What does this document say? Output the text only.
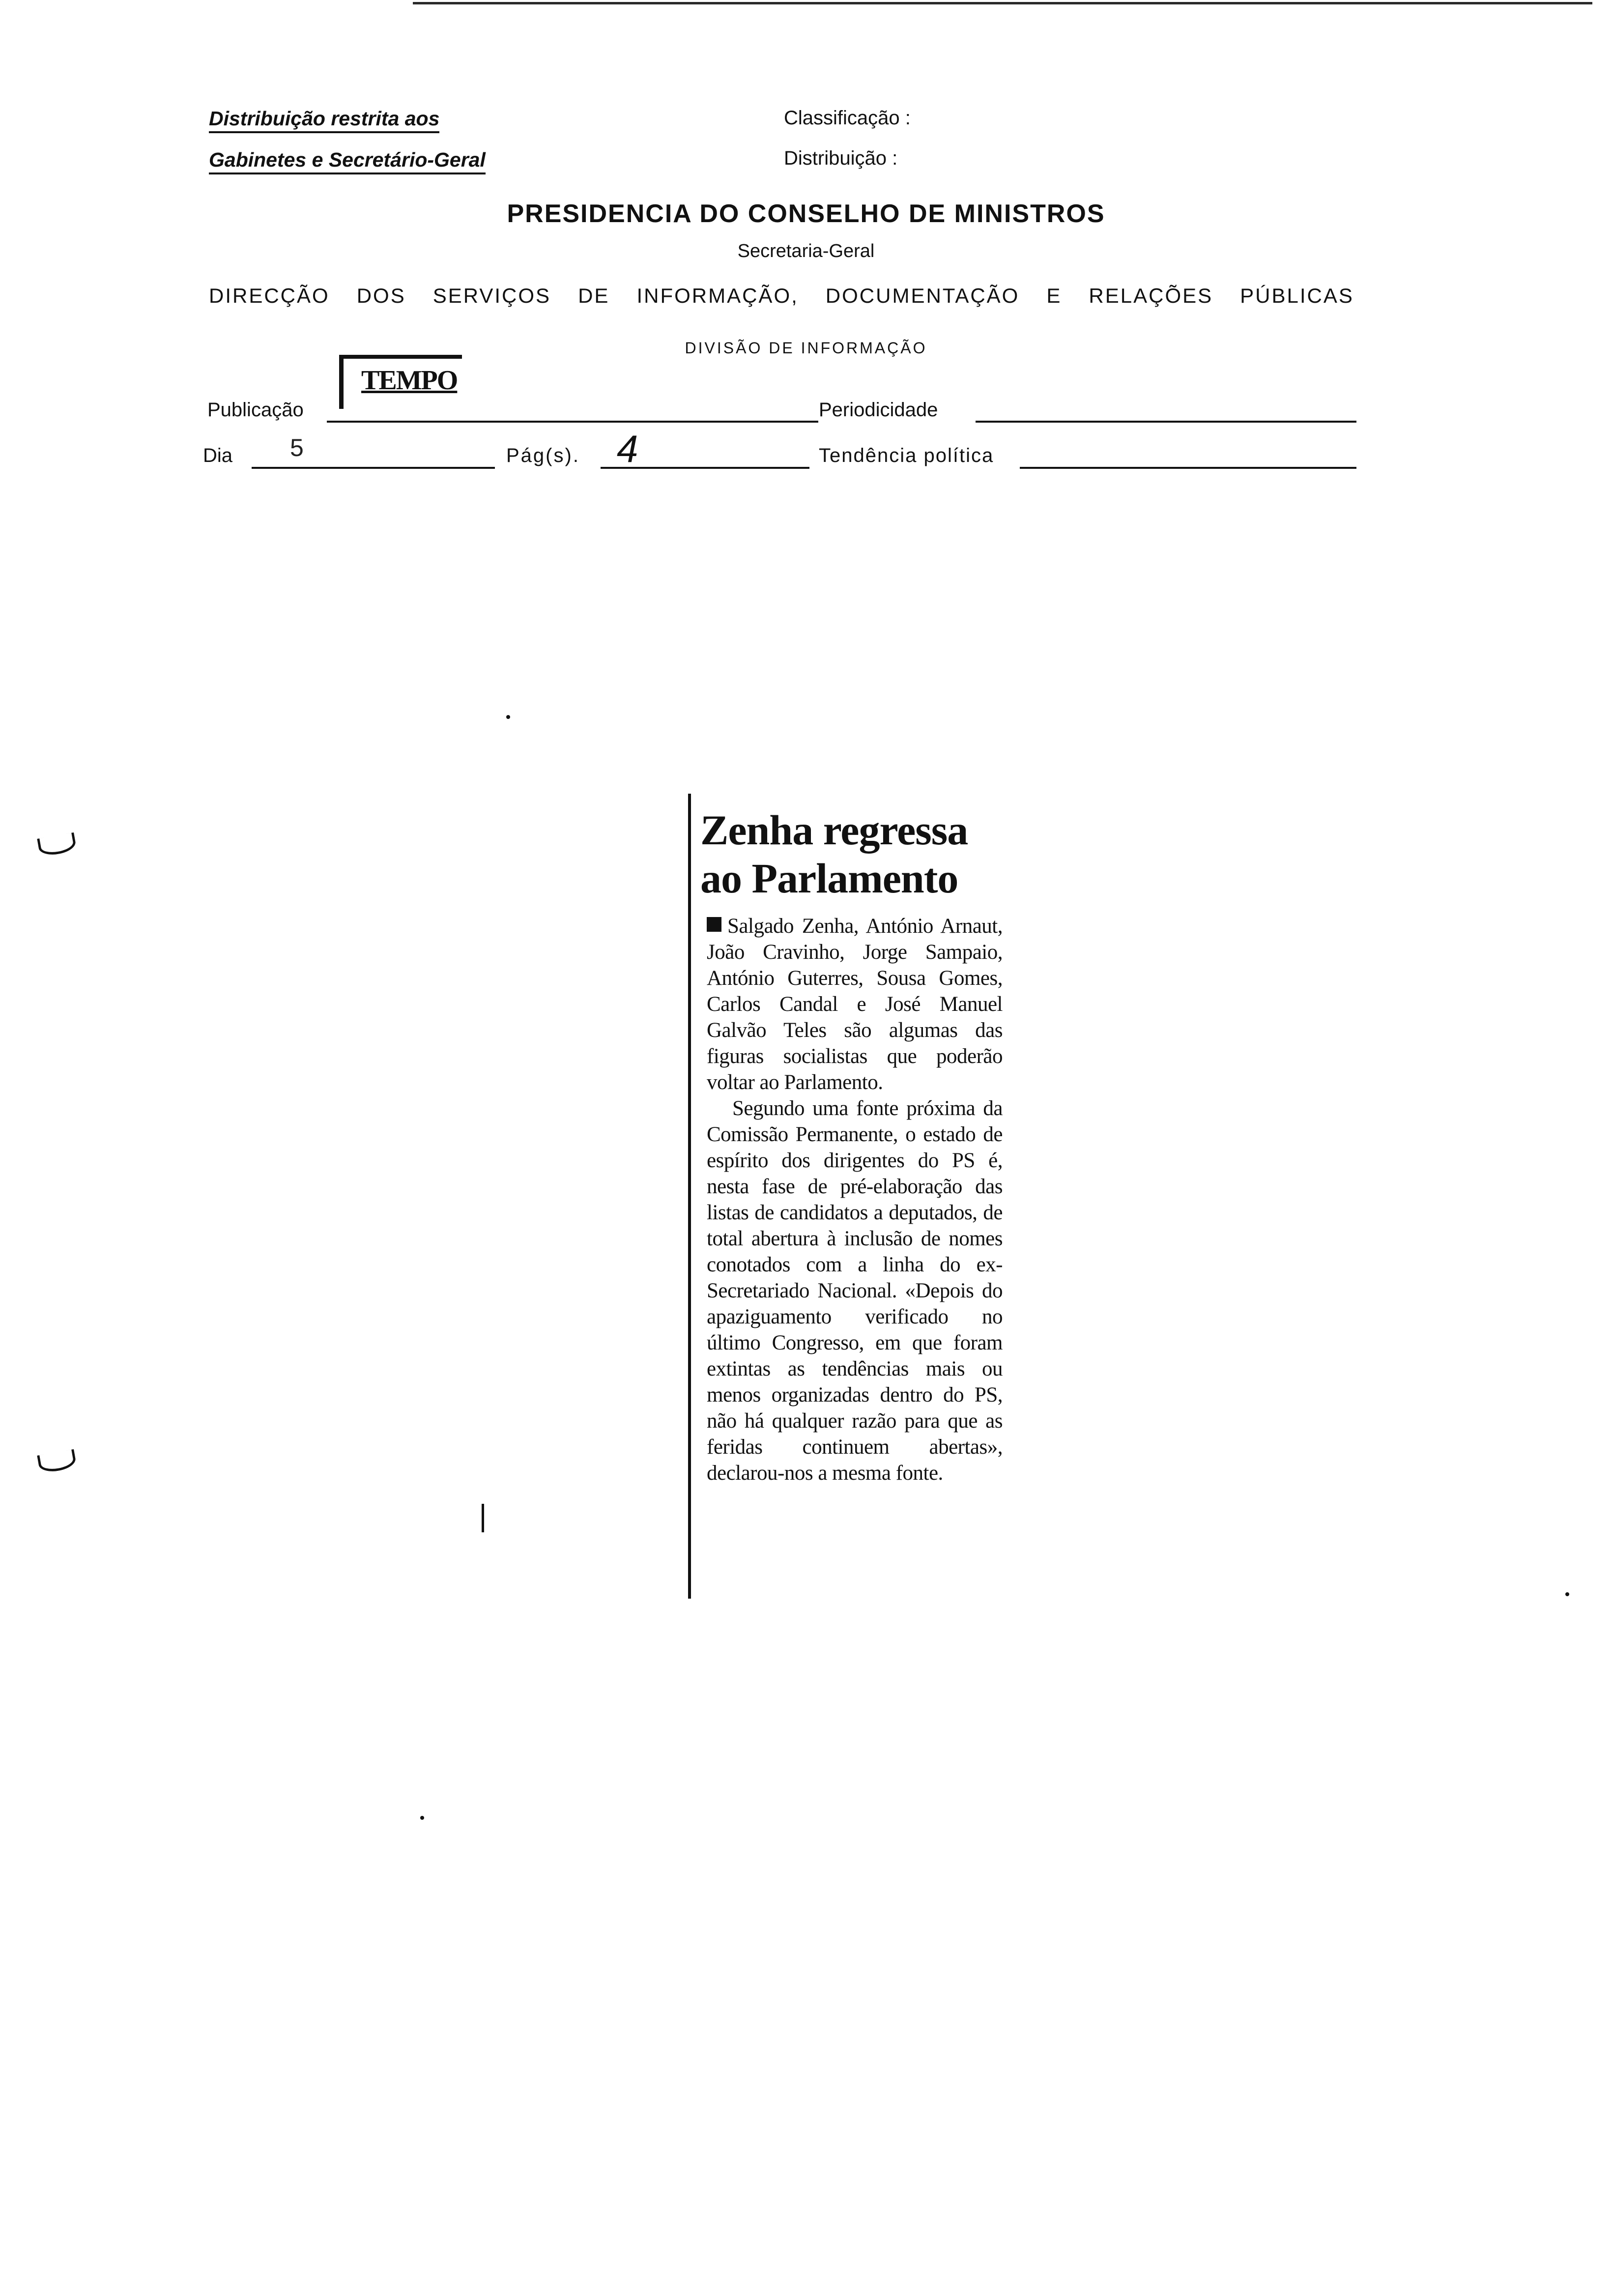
Distribuição restrita aos
Gabinetes e Secretário-Geral
Classificação :
Distribuição :
PRESIDENCIA DO CONSELHO DE MINISTROS
Secretaria-Geral
DIRECÇÃO DOS SERVIÇOS DE INFORMAÇÃO, DOCUMENTAÇÃO E RELAÇÕES PÚBLICAS
DIVISÃO DE INFORMAÇÃO
Publicação
TEMPO
Periodicidade
Dia 5	Pág(s). 4	Tendência política
Zenha regressa ao Parlamento

Salgado Zenha, António Arnaut, João Cravinho, Jorge Sampaio, António Guterres, Sousa Gomes, Carlos Candal e José Manuel Galvão Teles são algumas das figuras socialistas que poderão voltar ao Parlamento.

Segundo uma fonte próxima da Comissão Permanente, o estado de espírito dos dirigentes do PS é, nesta fase de pré-elaboração das listas de candidatos a deputados, de total abertura à inclusão de nomes conotados com a linha do ex-Secretariado Nacional. «Depois do apaziguamento verificado no último Congresso, em que foram extintas as tendências mais ou menos organizadas dentro do PS, não há qualquer razão para que as feridas continuem abertas», declarou-nos a mesma fonte.
